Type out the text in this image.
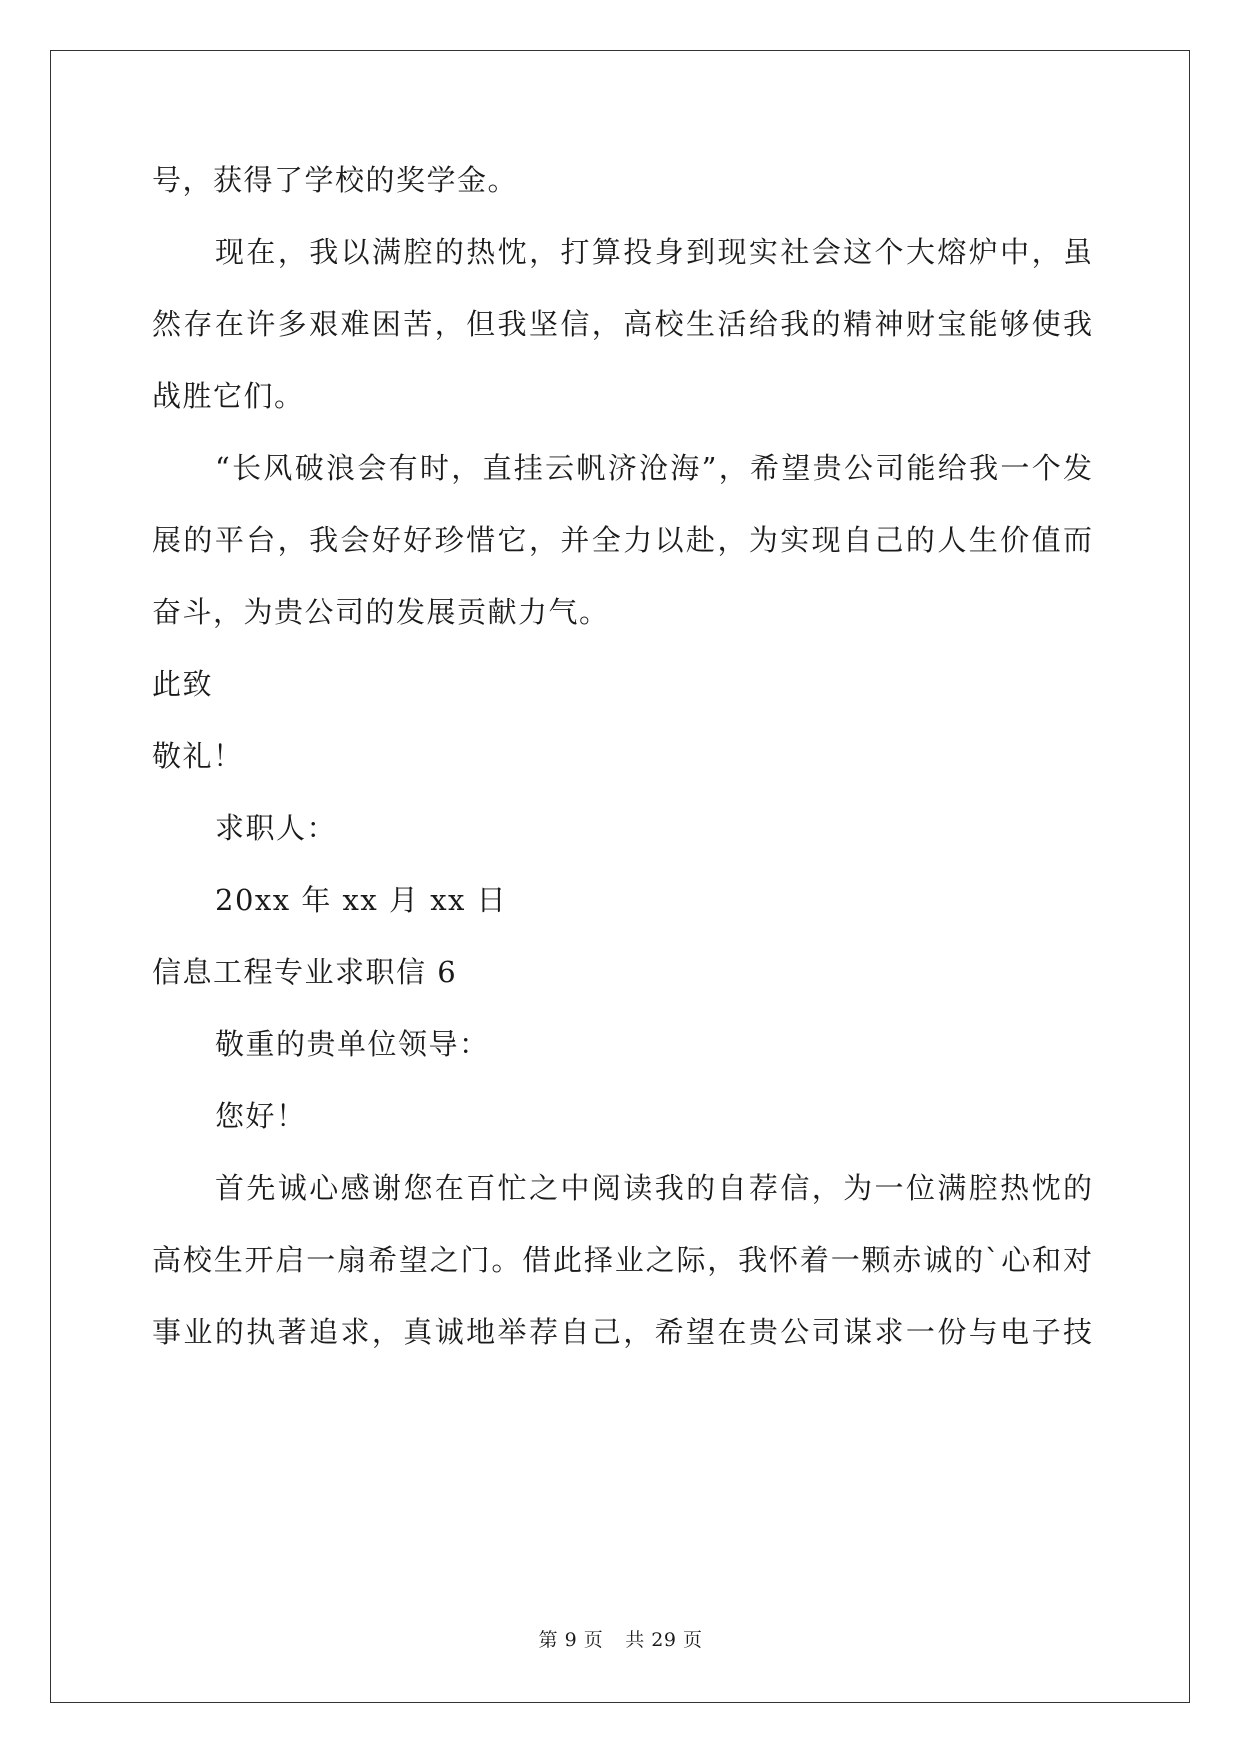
号，获得了学校的奖学金。
现在，我以满腔的热忱，打算投身到现实社会这个大熔炉中，虽
然存在许多艰难困苦，但我坚信，高校生活给我的精神财宝能够使我
战胜它们。
“长风破浪会有时，直挂云帆济沧海”，希望贵公司能给我一个发
展的平台，我会好好珍惜它，并全力以赴，为实现自己的人生价值而
奋斗，为贵公司的发展贡献力气。
此致
敬礼！
求职人：
20xx 年 xx 月 xx 日
信息工程专业求职信 6
敬重的贵单位领导：
您好！
首先诚心感谢您在百忙之中阅读我的自荐信，为一位满腔热忱的
高校生开启一扇希望之门。借此择业之际，我怀着一颗赤诚的`心和对
事业的执著追求，真诚地举荐自己，希望在贵公司谋求一份与电子技
第 9 页 共 29 页
